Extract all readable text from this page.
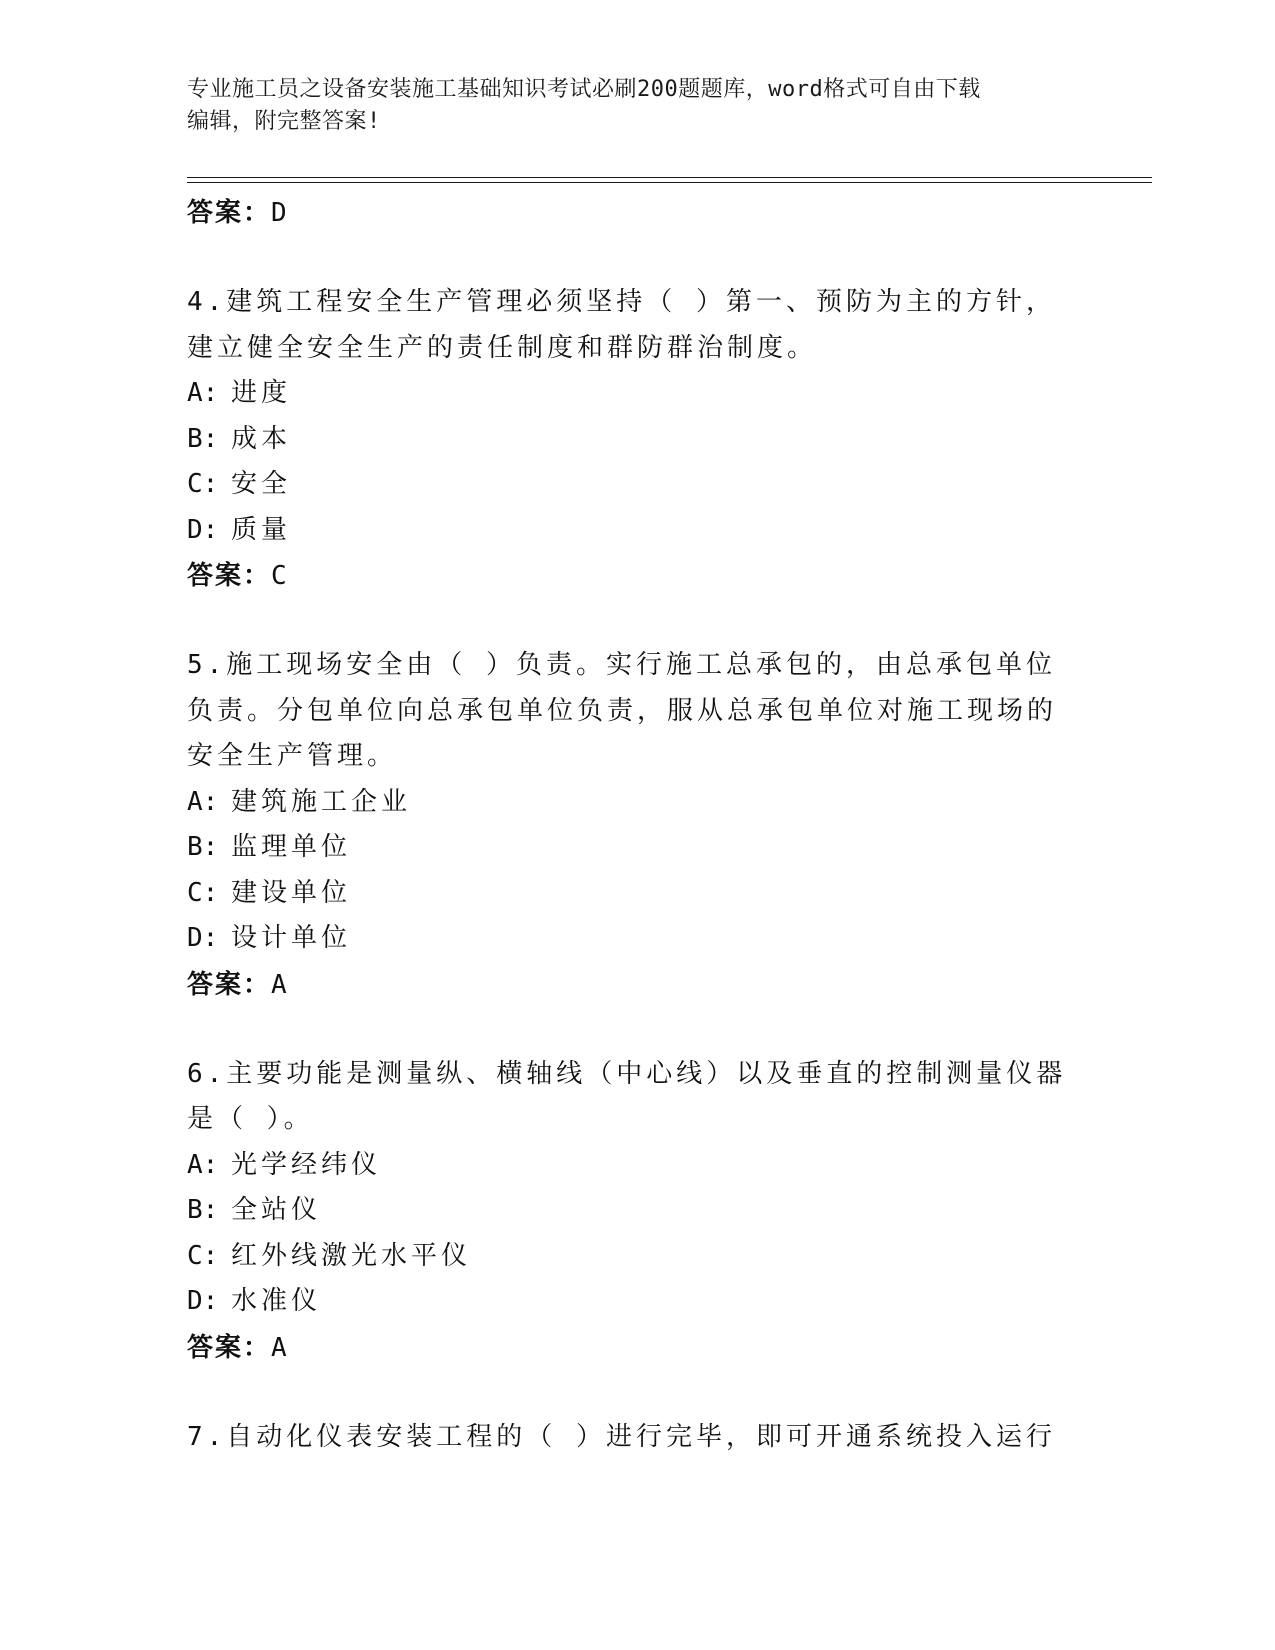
专业施工员之设备安装施工基础知识考试必刷200题题库，word格式可自由下载
编辑，附完整答案!
答案：D
4.建筑工程安全生产管理必须坚持（ ）第一、预防为主的方针，建立健全安全生产的责任制度和群防群治制度。
A: 进度
B: 成本
C: 安全
D: 质量
答案：C
5.施工现场安全由（ ）负责。实行施工总承包的，由总承包单位负责。分包单位向总承包单位负责，服从总承包单位对施工现场的安全生产管理。
A: 建筑施工企业
B: 监理单位
C: 建设单位
D: 设计单位
答案：A
6.主要功能是测量纵、横轴线（中心线）以及垂直的控制测量仪器是（ ）。
A: 光学经纬仪
B: 全站仪
C: 红外线激光水平仪
D: 水准仪
答案：A
7.自动化仪表安装工程的（ ）进行完毕，即可开通系统投入运行
